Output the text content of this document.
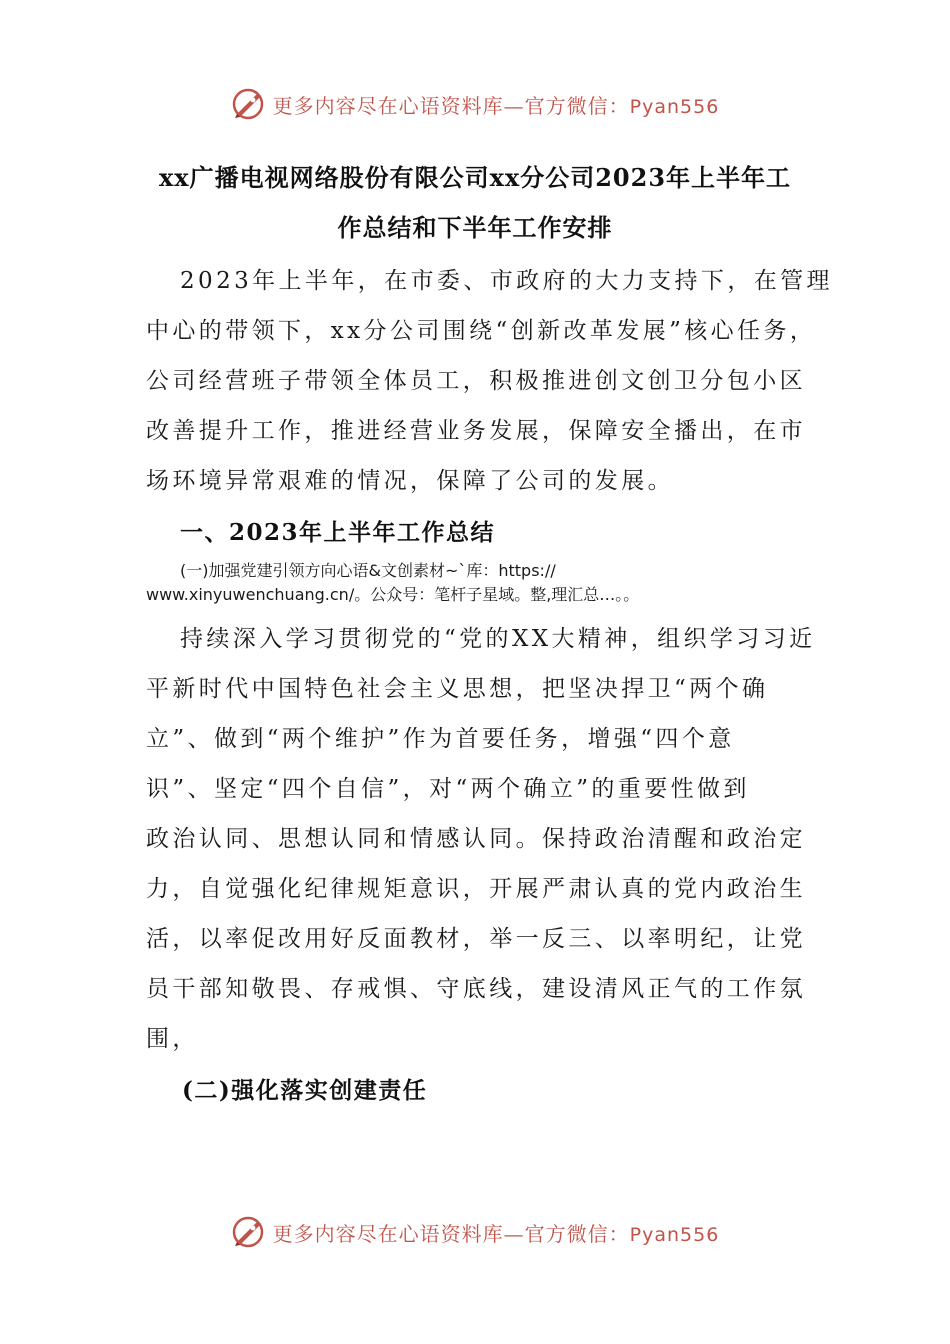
更多内容尽在心语资料库—官方微信：Pyan556
xx广播电视网络股份有限公司xx分公司2023年上半年工
作总结和下半年工作安排
2023年上半年，在市委、市政府的大力支持下，在管理
中心的带领下，xx分公司围绕“创新改革发展”核心任务，
公司经营班子带领全体员工，积极推进创文创卫分包小区
改善提升工作，推进经营业务发展，保障安全播出，在市
场环境异常艰难的情况，保障了公司的发展。
一、2023年上半年工作总结
(一)加强党建引领方向心语&文创素材~`库：https://
www.xinyuwenchuang.cn/。公众号：笔杆子星域。整,理汇总…。。
持续深入学习贯彻党的“党的XX大精神，组织学习习近
平新时代中国特色社会主义思想，把坚决捍卫“两个确
立”、做到“两个维护”作为首要任务，增强“四个意
识”、坚定“四个自信”，对“两个确立”的重要性做到
政治认同、思想认同和情感认同。保持政治清醒和政治定
力，自觉强化纪律规矩意识，开展严肃认真的党内政治生
活，以率促改用好反面教材，举一反三、以率明纪，让党
员干部知敬畏、存戒惧、守底线，建设清风正气的工作氛
围，
(二)强化落实创建责任
更多内容尽在心语资料库—官方微信：Pyan556
